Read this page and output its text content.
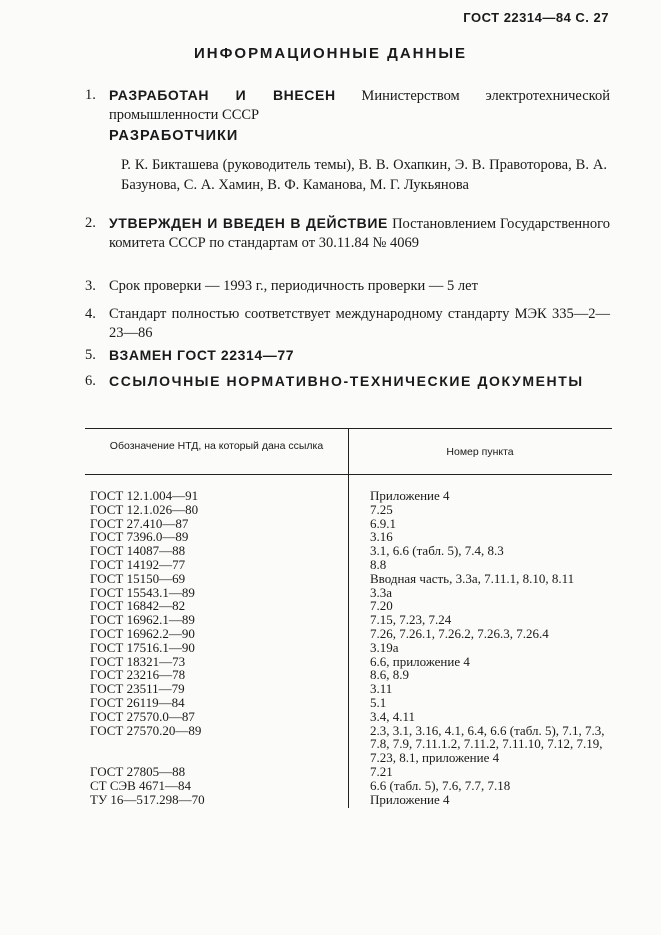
ГОСТ 22314—84 С. 27
ИНФОРМАЦИОННЫЕ ДАННЫЕ
1. РАЗРАБОТАН И ВНЕСЕН Министерством электротехнической промышленности СССР
РАЗРАБОТЧИКИ
Р. К. Бикташева (руководитель темы), В. В. Охапкин, Э. В. Правоторова, В. А. Базунова, С. А. Хамин, В. Ф. Каманова, М. Г. Лукьянова
2. УТВЕРЖДЕН И ВВЕДЕН В ДЕЙСТВИЕ Постановлением Государственного комитета СССР по стандартам от 30.11.84 № 4069
3. Срок проверки — 1993 г., периодичность проверки — 5 лет
4. Стандарт полностью соответствует международному стандарту МЭК 335—2—23—86
5. ВЗАМЕН ГОСТ 22314—77
6. ССЫЛОЧНЫЕ НОРМАТИВНО-ТЕХНИЧЕСКИЕ ДОКУМЕНТЫ
Обозначение НТД, на который дана ссылка	Номер пункта
ГОСТ 12.1.004—91	Приложение 4
ГОСТ 12.1.026—80	7.25
ГОСТ 27.410—87	6.9.1
ГОСТ 7396.0—89	3.16
ГОСТ 14087—88	3.1, 6.6 (табл. 5), 7.4, 8.3
ГОСТ 14192—77	8.8
ГОСТ 15150—69	Вводная часть, 3.3а, 7.11.1, 8.10, 8.11
ГОСТ 15543.1—89	3.3а
ГОСТ 16842—82	7.20
ГОСТ 16962.1—89	7.15, 7.23, 7.24
ГОСТ 16962.2—90	7.26, 7.26.1, 7.26.2, 7.26.3, 7.26.4
ГОСТ 17516.1—90	3.19а
ГОСТ 18321—73	6.6, приложение 4
ГОСТ 23216—78	8.6, 8.9
ГОСТ 23511—79	3.11
ГОСТ 26119—84	5.1
ГОСТ 27570.0—87	3.4, 4.11
ГОСТ 27570.20—89	2.3, 3.1, 3.16, 4.1, 6.4, 6.6 (табл. 5), 7.1, 7.3, 7.8, 7.9, 7.11.1.2, 7.11.2, 7.11.10, 7.12, 7.19, 7.23, 8.1, приложение 4
ГОСТ 27805—88	7.21
СТ СЭВ 4671—84	6.6 (табл. 5), 7.6, 7.7, 7.18
ТУ 16—517.298—70	Приложение 4
